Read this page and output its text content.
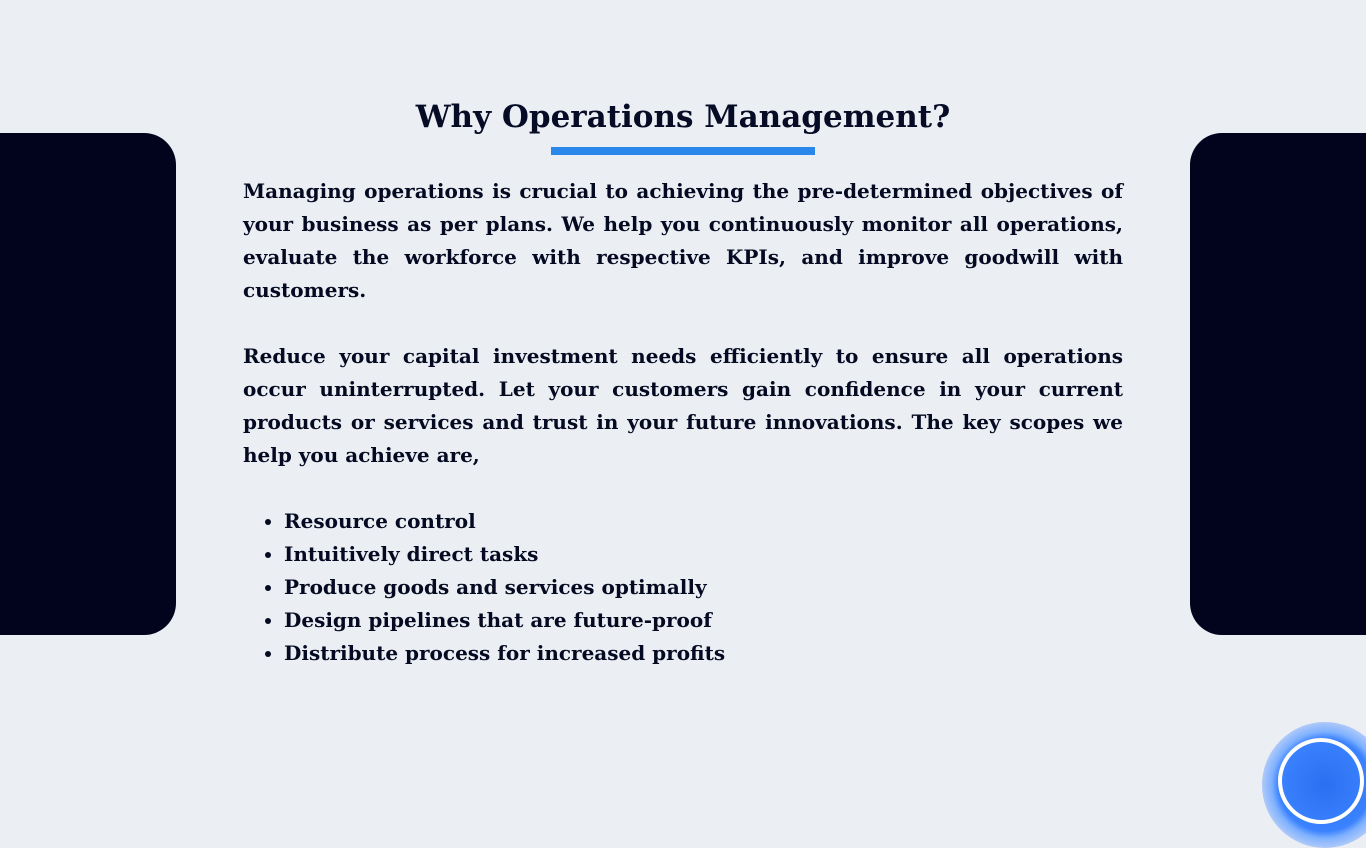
Why Operations Management?

Managing operations is crucial to achieving the pre-determined objectives of your business as per plans. We help you continuously monitor all operations, evaluate the workforce with respective KPIs, and improve goodwill with customers.

Reduce your capital investment needs efficiently to ensure all operations occur uninterrupted. Let your customers gain confidence in your current products or services and trust in your future innovations. The key scopes we help you achieve are,

• Resource control
• Intuitively direct tasks
• Produce goods and services optimally
• Design pipelines that are future-proof
• Distribute process for increased profits
